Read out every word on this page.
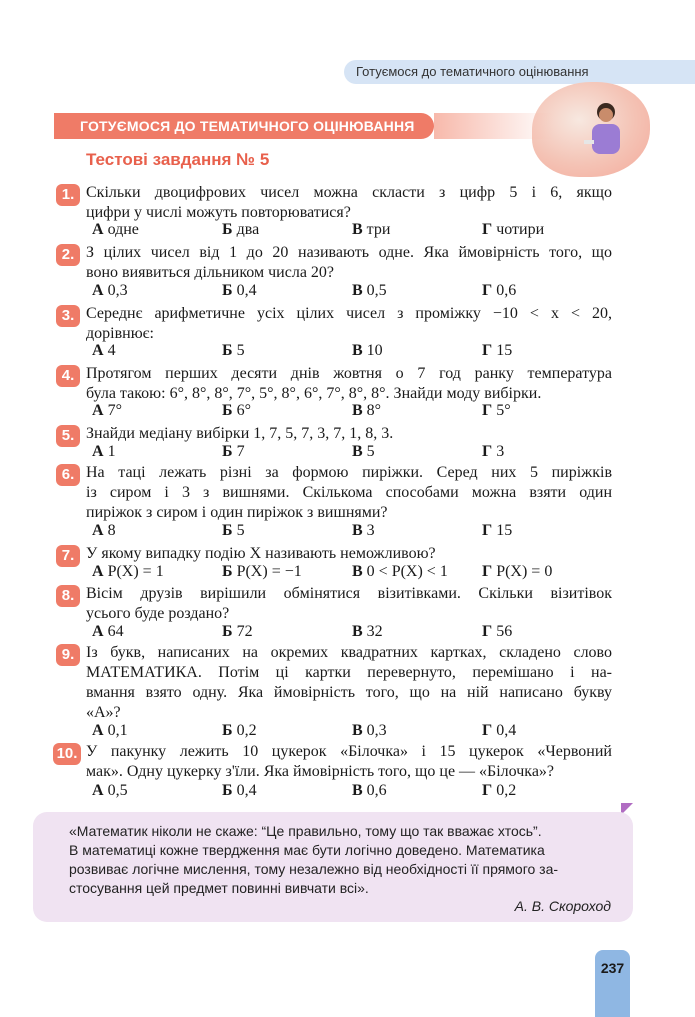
Готуємося до тематичного оцінювання
ГОТУЄМОСЯ ДО ТЕМАТИЧНОГО ОЦІНЮВАННЯ
Тестові завдання № 5
1. Скільки двоцифрових чисел можна скласти з цифр 5 і 6, якщо
цифри у числі можуть повторюватися?
А одне	Б два	В три	Г чотири
2. З цілих чисел від 1 до 20 називають одне. Яка ймовірність того, що
воно виявиться дільником числа 20?
А 0,3	Б 0,4	В 0,5	Г 0,6
3. Середнє арифметичне усіх цілих чисел з проміжку −10 < x < 20,
дорівнює:
А 4	Б 5	В 10	Г 15
4. Протягом перших десяти днів жовтня о 7 год ранку температура
була такою: 6°, 8°, 8°, 7°, 5°, 8°, 6°, 7°, 8°, 8°. Знайди моду вибірки.
А 7°	Б 6°	В 8°	Г 5°
5. Знайди медіану вибірки 1, 7, 5, 7, 3, 7, 1, 8, 3.
А 1	Б 7	В 5	Г 3
6. На таці лежать різні за формою пиріжки. Серед них 5 пиріжків
із сиром і 3 з вишнями. Скількома способами можна взяти один
пиріжок з сиром і один пиріжок з вишнями?
А 8	Б 5	В 3	Г 15
7. У якому випадку подію X називають неможливою?
А P(X) = 1	Б P(X) = −1	В 0 < P(X) < 1 Г P(X) = 0
8. Вісім друзів вирішили обмінятися візитівками. Скільки візитівок
усього буде роздано?
А 64	Б 72	В 32	Г 56
9. Із букв, написаних на окремих квадратних картках, складено слово
МАТЕМАТИКА. Потім ці картки перевернуто, перемішано і на-
вмання взято одну. Яка ймовірність того, що на ній написано букву
«А»?
А 0,1	Б 0,2	В 0,3	Г 0,4
10. У пакунку лежить 10 цукерок «Білочка» і 15 цукерок «Червоний
мак». Одну цукерку з'їли. Яка ймовірність того, що це — «Білочка»?
А 0,5	Б 0,4	В 0,6	Г 0,2
«Математик ніколи не скаже: “Це правильно, тому що так вважає хтось”.
В математиці кожне твердження має бути логічно доведено. Математика
розвиває логічне мислення, тому незалежно від необхідності її прямого за-
стосування цей предмет повинні вивчати всі».
А. В. Скороход
237
